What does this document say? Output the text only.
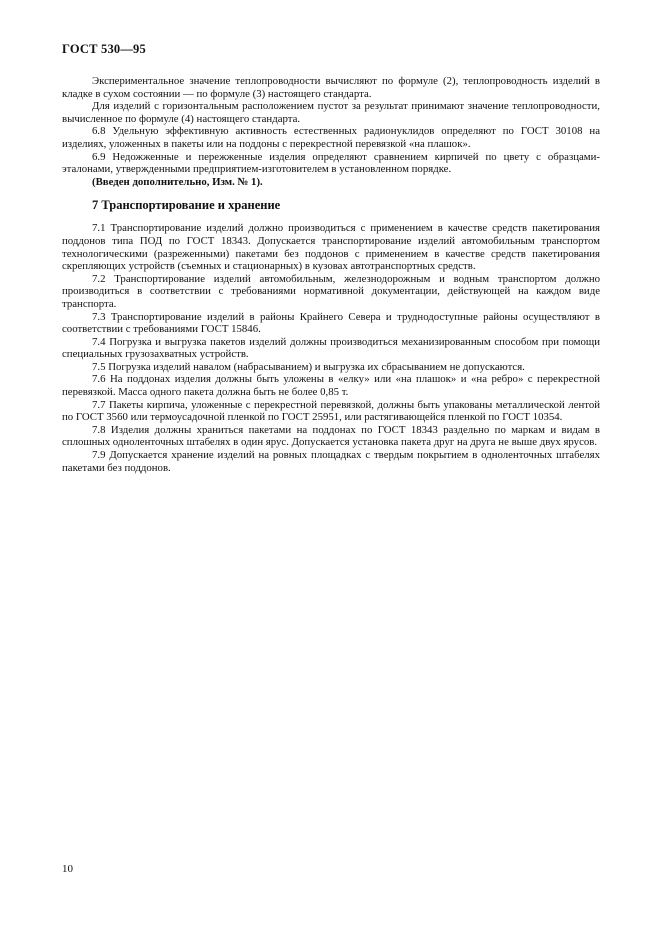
ГОСТ 530—95

Экспериментальное значение теплопроводности вычисляют по формуле (2), теплопроводность изделий в кладке в сухом состоянии — по формуле (3) настоящего стандарта.

Для изделий с горизонтальным расположением пустот за результат принимают значение теплопроводности, вычисленное по формуле (4) настоящего стандарта.

6.8 Удельную эффективную активность естественных радионуклидов определяют по ГОСТ 30108 на изделиях, уложенных в пакеты или на поддоны с перекрестной перевязкой «на плашок».

6.9 Недожженные и пережженные изделия определяют сравнением кирпичей по цвету с образцами-эталонами, утвержденными предприятием-изготовителем в установленном порядке.

(Введен дополнительно, Изм. № 1).

7 Транспортирование и хранение

7.1 Транспортирование изделий должно производиться с применением в качестве средств пакетирования поддонов типа ПОД по ГОСТ 18343. Допускается транспортирование изделий автомобильным транспортом технологическими (разреженными) пакетами без поддонов с применением в качестве средств пакетирования скрепляющих устройств (съемных и стационарных) в кузовах автотранспортных средств.

7.2 Транспортирование изделий автомобильным, железнодорожным и водным транспортом должно производиться в соответствии с требованиями нормативной документации, действующей на каждом виде транспорта.

7.3 Транспортирование изделий в районы Крайнего Севера и труднодоступные районы осуществляют в соответствии с требованиями ГОСТ 15846.

7.4 Погрузка и выгрузка пакетов изделий должны производиться механизированным способом при помощи специальных грузозахватных устройств.

7.5 Погрузка изделий навалом (набрасыванием) и выгрузка их сбрасыванием не допускаются.

7.6 На поддонах изделия должны быть уложены в «елку» или «на плашок» и «на ребро» с перекрестной перевязкой. Масса одного пакета должна быть не более 0,85 т.

7.7 Пакеты кирпича, уложенные с перекрестной перевязкой, должны быть упакованы металлической лентой по ГОСТ 3560 или термоусадочной пленкой по ГОСТ 25951, или растягивающейся пленкой по ГОСТ 10354.

7.8 Изделия должны храниться пакетами на поддонах по ГОСТ 18343 раздельно по маркам и видам в сплошных одноленточных штабелях в один ярус. Допускается установка пакета друг на друга не выше двух ярусов.

7.9 Допускается хранение изделий на ровных площадках с твердым покрытием в одноленточных штабелях пакетами без поддонов.

10
